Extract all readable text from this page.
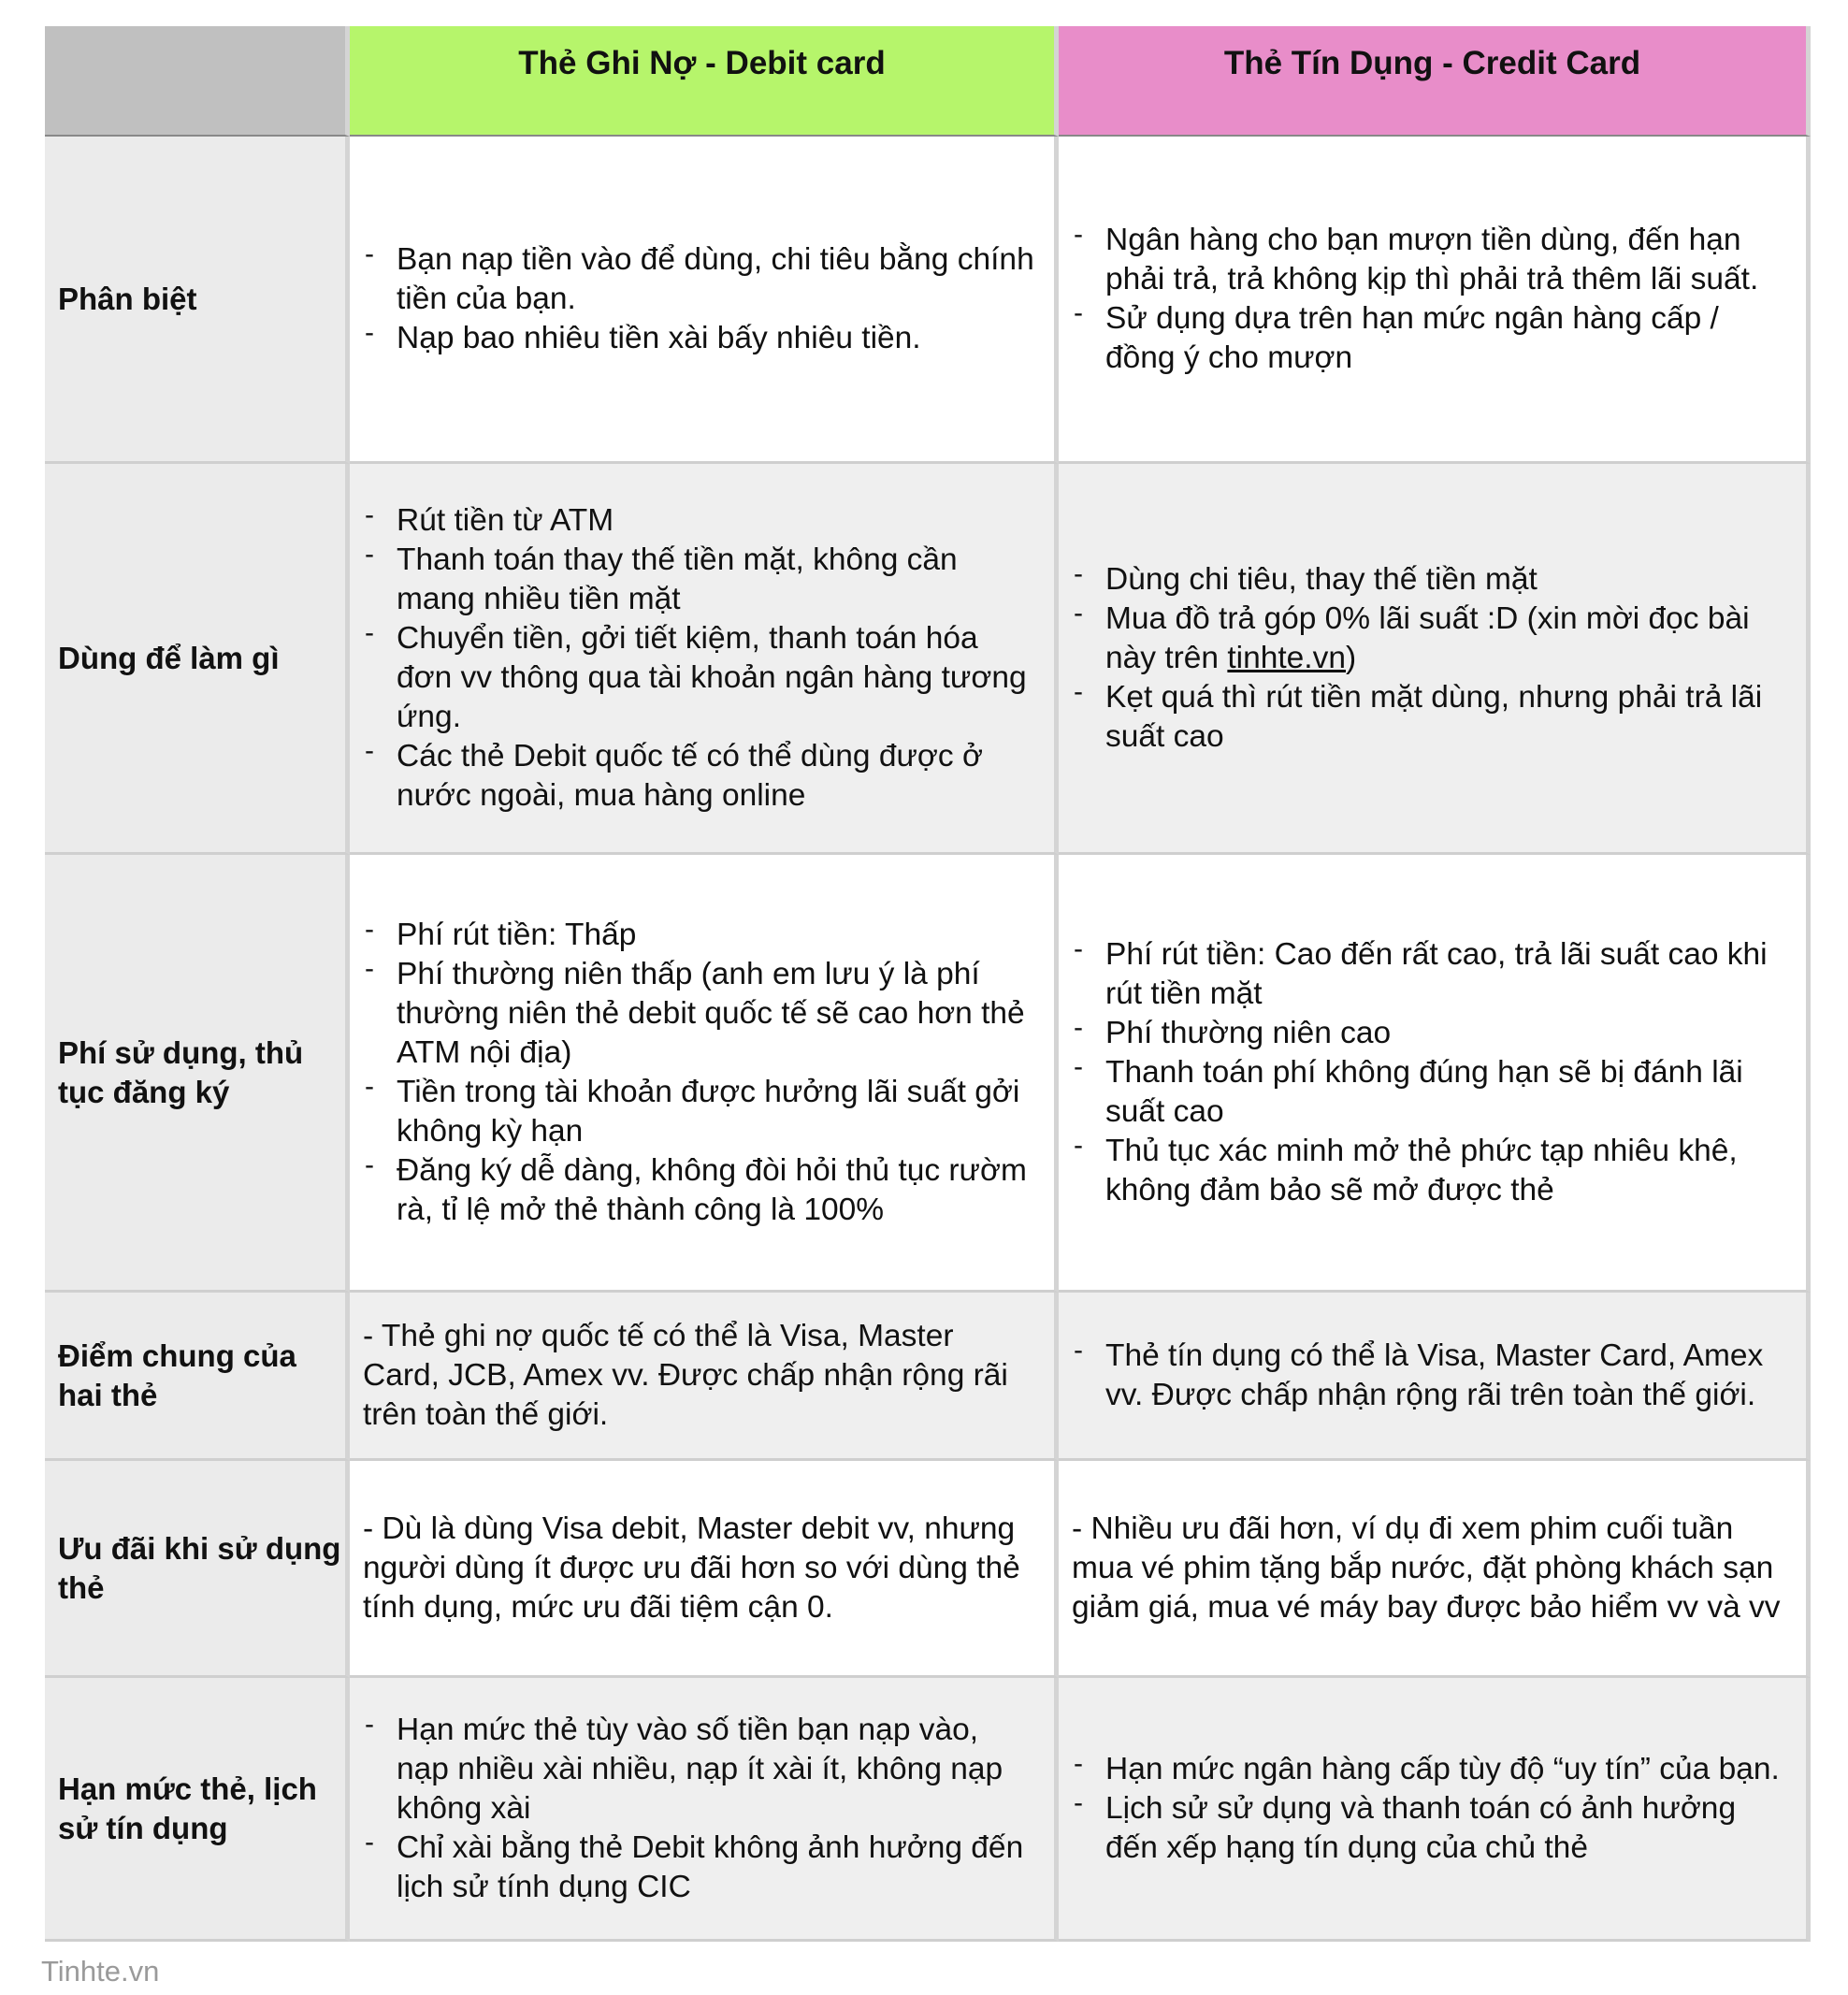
Thẻ Ghi Nợ - Debit card	Thẻ Tín Dụng - Credit Card
Phân biệt
- Bạn nạp tiền vào để dùng, chi tiêu bằng chính tiền của bạn.
- Nạp bao nhiêu tiền xài bấy nhiêu tiền.
- Ngân hàng cho bạn mượn tiền dùng, đến hạn phải trả, trả không kịp thì phải trả thêm lãi suất.
- Sử dụng dựa trên hạn mức ngân hàng cấp / đồng ý cho mượn
Dùng để làm gì
- Rút tiền từ ATM
- Thanh toán thay thế tiền mặt, không cần mang nhiều tiền mặt
- Chuyển tiền, gởi tiết kiệm, thanh toán hóa đơn vv thông qua tài khoản ngân hàng tương ứng.
- Các thẻ Debit quốc tế có thể dùng được ở nước ngoài, mua hàng online
- Dùng chi tiêu, thay thế tiền mặt
- Mua đồ trả góp 0% lãi suất :D (xin mời đọc bài này trên tinhte.vn)
- Kẹt quá thì rút tiền mặt dùng, nhưng phải trả lãi suất cao
Phí sử dụng, thủ tục đăng ký
- Phí rút tiền: Thấp
- Phí thường niên thấp (anh em lưu ý là phí thường niên thẻ debit quốc tế sẽ cao hơn thẻ ATM nội địa)
- Tiền trong tài khoản được hưởng lãi suất gởi không kỳ hạn
- Đăng ký dễ dàng, không đòi hỏi thủ tục rườm rà, tỉ lệ mở thẻ thành công là 100%
- Phí rút tiền: Cao đến rất cao, trả lãi suất cao khi rút tiền mặt
- Phí thường niên cao
- Thanh toán phí không đúng hạn sẽ bị đánh lãi suất cao
- Thủ tục xác minh mở thẻ phức tạp nhiêu khê, không đảm bảo sẽ mở được thẻ
Điểm chung của hai thẻ

- Thẻ ghi nợ quốc tế có thể là Visa, Master Card, JCB, Amex vv. Được chấp nhận rộng rãi trên toàn thế giới.

- Thẻ tín dụng có thể là Visa, Master Card, Amex vv. Được chấp nhận rộng rãi trên toàn thế giới.
Ưu đãi khi sử dụng thẻ

- Dù là dùng Visa debit, Master debit vv, nhưng người dùng ít được ưu đãi hơn so với dùng thẻ tính dụng, mức ưu đãi tiệm cận 0.

- Nhiều ưu đãi hơn, ví dụ đi xem phim cuối tuần mua vé phim tặng bắp nước, đặt phòng khách sạn giảm giá, mua vé máy bay được bảo hiểm vv và vv

Hạn mức thẻ, lịch sử tín dụng
- Hạn mức thẻ tùy vào số tiền bạn nạp vào, nạp nhiều xài nhiều, nạp ít xài ít, không nạp không xài
- Chỉ xài bằng thẻ Debit không ảnh hưởng đến lịch sử tính dụng CIC
- Hạn mức ngân hàng cấp tùy độ “uy tín” của bạn.
- Lịch sử sử dụng và thanh toán có ảnh hưởng đến xếp hạng tín dụng của chủ thẻ
Tinhte.vn
